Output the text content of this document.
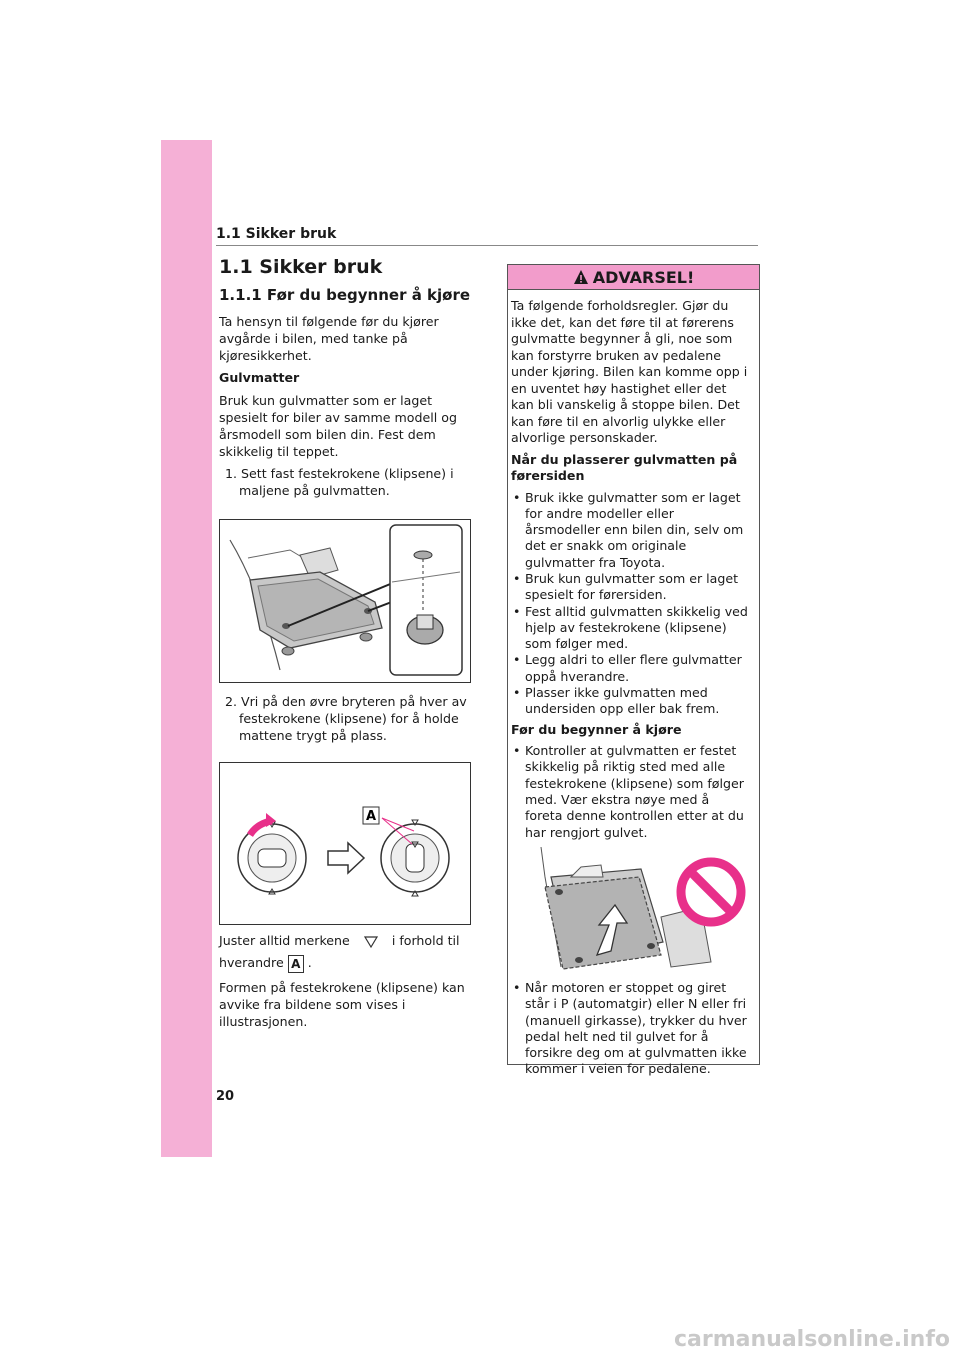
1.1 Sikker bruk
1.1 Sikker bruk
1.1.1 Før du begynner å kjøre

Ta hensyn til følgende før du kjører avgårde i bilen, med tanke på kjøresikkerhet.

Gulvmatter

Bruk kun gulvmatter som er laget spesielt for biler av samme modell og årsmodell som bilen din. Fest dem skikkelig til teppet.

1. Sett fast festekrokene (klipsene) i maljene på gulvmatten.
2. Vri på den øvre bryteren på hver av festekrokene (klipsene) for å holde mattene trygt på plass.
A

Juster alltid merkene	i forhold til hverandre A .

Formen på festekrokene (klipsene) kan avvike fra bildene som vises i illustrasjonen.

ADVARSEL!

Ta følgende forholdsregler. Gjør du ikke det, kan det føre til at førerens gulvmatte begynner å gli, noe som kan forstyrre bruken av pedalene under kjøring. Bilen kan komme opp i en uventet høy hastighet eller det kan bli vanskelig å stoppe bilen. Det kan føre til en alvorlig ulykke eller alvorlige personskader.

Når du plasserer gulvmatten på førersiden

• Bruk ikke gulvmatter som er laget for andre modeller eller årsmodeller enn bilen din, selv om det er snakk om originale gulvmatter fra Toyota.
• Bruk kun gulvmatter som er laget spesielt for førersiden.
• Fest alltid gulvmatten skikkelig ved hjelp av festekrokene (klipsene) som følger med.
• Legg aldri to eller flere gulvmatter oppå hverandre.
• Plasser ikke gulvmatten med undersiden opp eller bak frem.

Før du begynner å kjøre

• Kontroller at gulvmatten er festet skikkelig på riktig sted med alle festekrokene (klipsene) som følger med. Vær ekstra nøye med å foreta denne kontrollen etter at du har rengjort gulvet.
• Når motoren er stoppet og giret står i P (automatgir) eller N eller fri (manuell girkasse), trykker du hver pedal helt ned til gulvet for å forsikre deg om at gulvmatten ikke kommer i veien for pedalene.
20
carmanualsonline.info
